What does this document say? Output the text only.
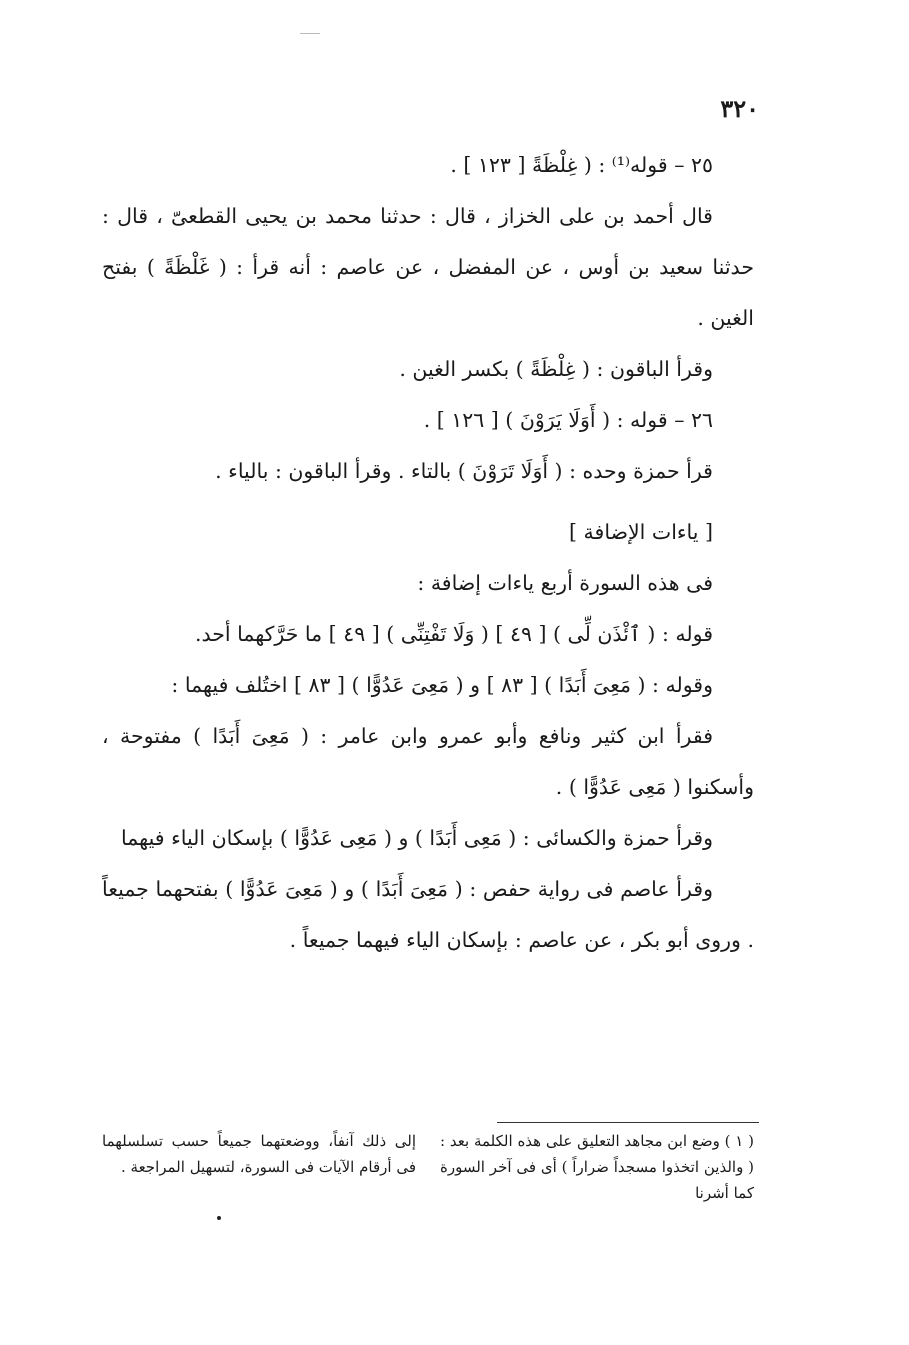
٣٢٠

٢٥ – قوله⁽¹⁾ : ( غِلْظَةً [ ١٢٣ ] .

قال أحمد بن على الخزاز ، قال : حدثنا محمد بن يحيى القطعىّ ، قال : حدثنا سعيد بن أوس ، عن المفضل ، عن عاصم : أنه قرأ : ( غَلْظَةً ) بفتح الغين .

وقرأ الباقون : ( غِلْظَةً ) بكسر الغين .

٢٦ – قوله : ( أَوَلَا يَرَوْنَ ) [ ١٢٦ ] .

قرأ حمزة وحده : ( أَوَلَا تَرَوْنَ ) بالتاء . وقرأ الباقون : بالياء .

[ ياءات الإضافة ]

فى هذه السورة أربع ياءات إضافة :

قوله : ( ٱئْذَن لِّى ) [ ٤٩ ] ( وَلَا تَفْتِنِّى ) [ ٤٩ ] ما حَرَّكهما أحد.

وقوله : ( مَعِىَ أَبَدًا ) [ ٨٣ ] و ( مَعِىَ عَدُوًّا ) [ ٨٣ ] اختُلف فيهما :

فقرأ ابن كثير ونافع وأبو عمرو وابن عامر : ( مَعِىَ أَبَدًا ) مفتوحة ، وأسكنوا ( مَعِى عَدُوًّا ) .

وقرأ حمزة والكسائى : ( مَعِى أَبَدًا ) و ( مَعِى عَدُوًّا ) بإسكان الياء فيهما

وقرأ عاصم فى رواية حفص : ( مَعِىَ أَبَدًا ) و ( مَعِىَ عَدُوًّا ) بفتحهما جميعاً . وروى أبو بكر ، عن عاصم : بإسكان الياء فيهما جميعاً .

( ١ ) وضع ابن مجاهد التعليق على هذه الكلمة بعد : ( والذين اتخذوا مسجداً ضراراً ) أى فى آخر السورة كما أشرنا
إلى ذلك آنفاً، ووضعتهما جميعاً حسب تسلسلهما فى أرقام الآيات فى السورة، لتسهيل المراجعة .
